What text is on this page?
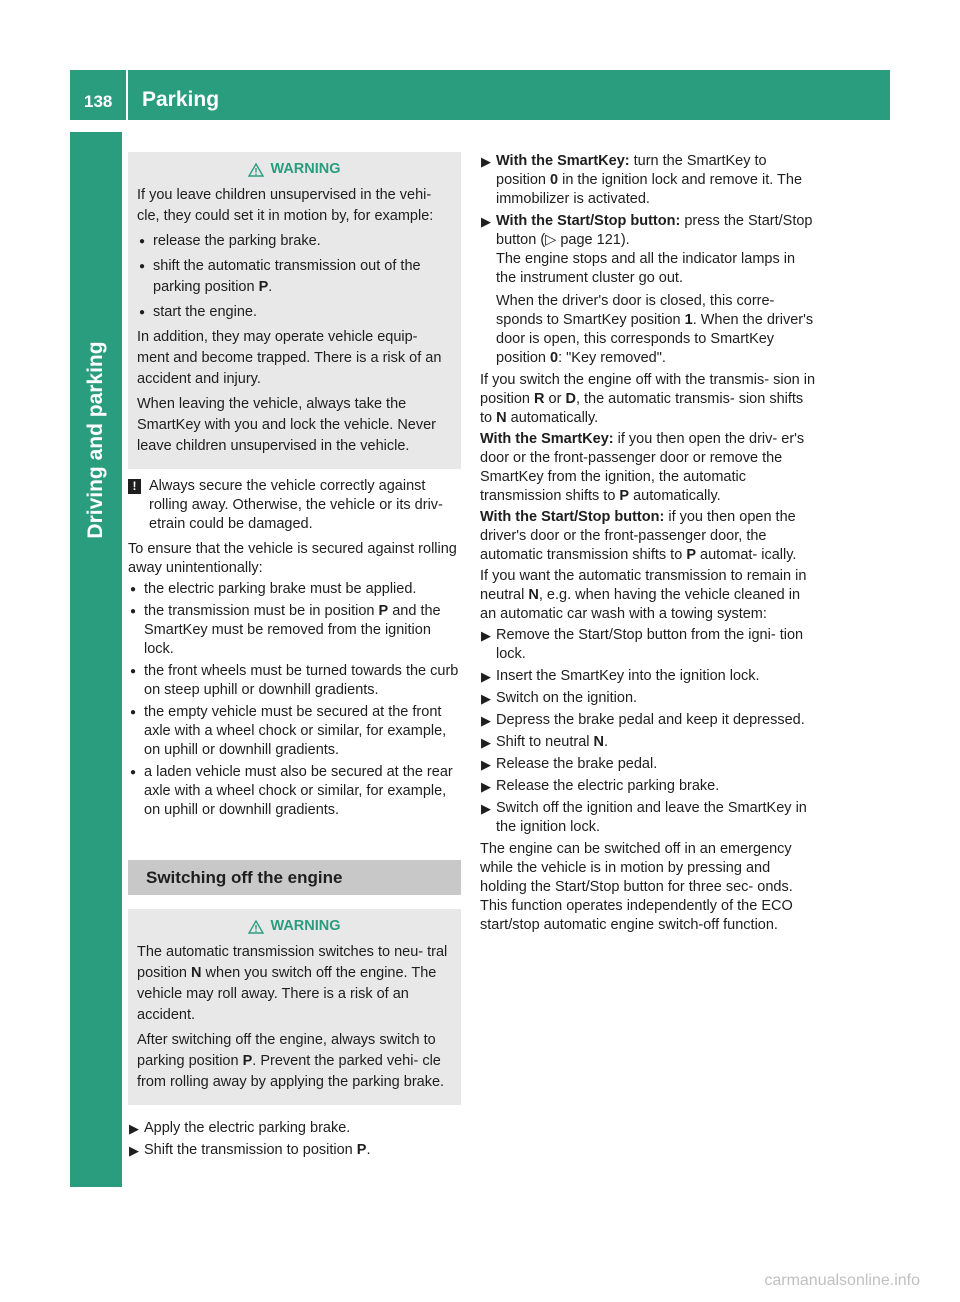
138 Parking
Driving and parking
WARNING

If you leave children unsupervised in the vehi- cle, they could set it in motion by, for example:

● release the parking brake.
● shift the automatic transmission out of the parking position P.
● start the engine.

In addition, they may operate vehicle equip- ment and become trapped. There is a risk of an accident and injury.

When leaving the vehicle, always take the SmartKey with you and lock the vehicle. Never leave children unsupervised in the vehicle.

! Always secure the vehicle correctly against rolling away. Otherwise, the vehicle or its driv- etrain could be damaged.

To ensure that the vehicle is secured against rolling away unintentionally:

● the electric parking brake must be applied.
● the transmission must be in position P and the SmartKey must be removed from the ignition lock.
● the front wheels must be turned towards the curb on steep uphill or downhill gradients.
● the empty vehicle must be secured at the front axle with a wheel chock or similar, for example, on uphill or downhill gradients.
● a laden vehicle must also be secured at the rear axle with a wheel chock or similar, for example, on uphill or downhill gradients.
Switching off the engine
WARNING

The automatic transmission switches to neu- tral position N when you switch off the engine. The vehicle may roll away. There is a risk of an accident.

After switching off the engine, always switch to parking position P. Prevent the parked vehi- cle from rolling away by applying the parking brake.

▶ Apply the electric parking brake.
▶ Shift the transmission to position P.
▶ With the SmartKey: turn the SmartKey to position 0 in the ignition lock and remove it. The immobilizer is activated.
▶ With the Start/Stop button: press the Start/Stop button (▷ page 121).
The engine stops and all the indicator lamps in the instrument cluster go out.
When the driver's door is closed, this corre- sponds to SmartKey position 1. When the driver's door is open, this corresponds to SmartKey position 0: "Key removed".

If you switch the engine off with the transmis- sion in position R or D, the automatic transmis- sion shifts to N automatically.

With the SmartKey: if you then open the driv- er's door or the front-passenger door or remove the SmartKey from the ignition, the automatic transmission shifts to P automatically.

With the Start/Stop button: if you then open the driver's door or the front-passenger door, the automatic transmission shifts to P automat- ically.

If you want the automatic transmission to remain in neutral N, e.g. when having the vehicle cleaned in an automatic car wash with a towing system:

▶ Remove the Start/Stop button from the igni- tion lock.
▶ Insert the SmartKey into the ignition lock.
▶ Switch on the ignition.
▶ Depress the brake pedal and keep it depressed.
▶ Shift to neutral N.
▶ Release the brake pedal.
▶ Release the electric parking brake.
▶ Switch off the ignition and leave the SmartKey in the ignition lock.

The engine can be switched off in an emergency while the vehicle is in motion by pressing and holding the Start/Stop button for three sec- onds. This function operates independently of the ECO start/stop automatic engine switch-off function.

carmanualsonline.info
